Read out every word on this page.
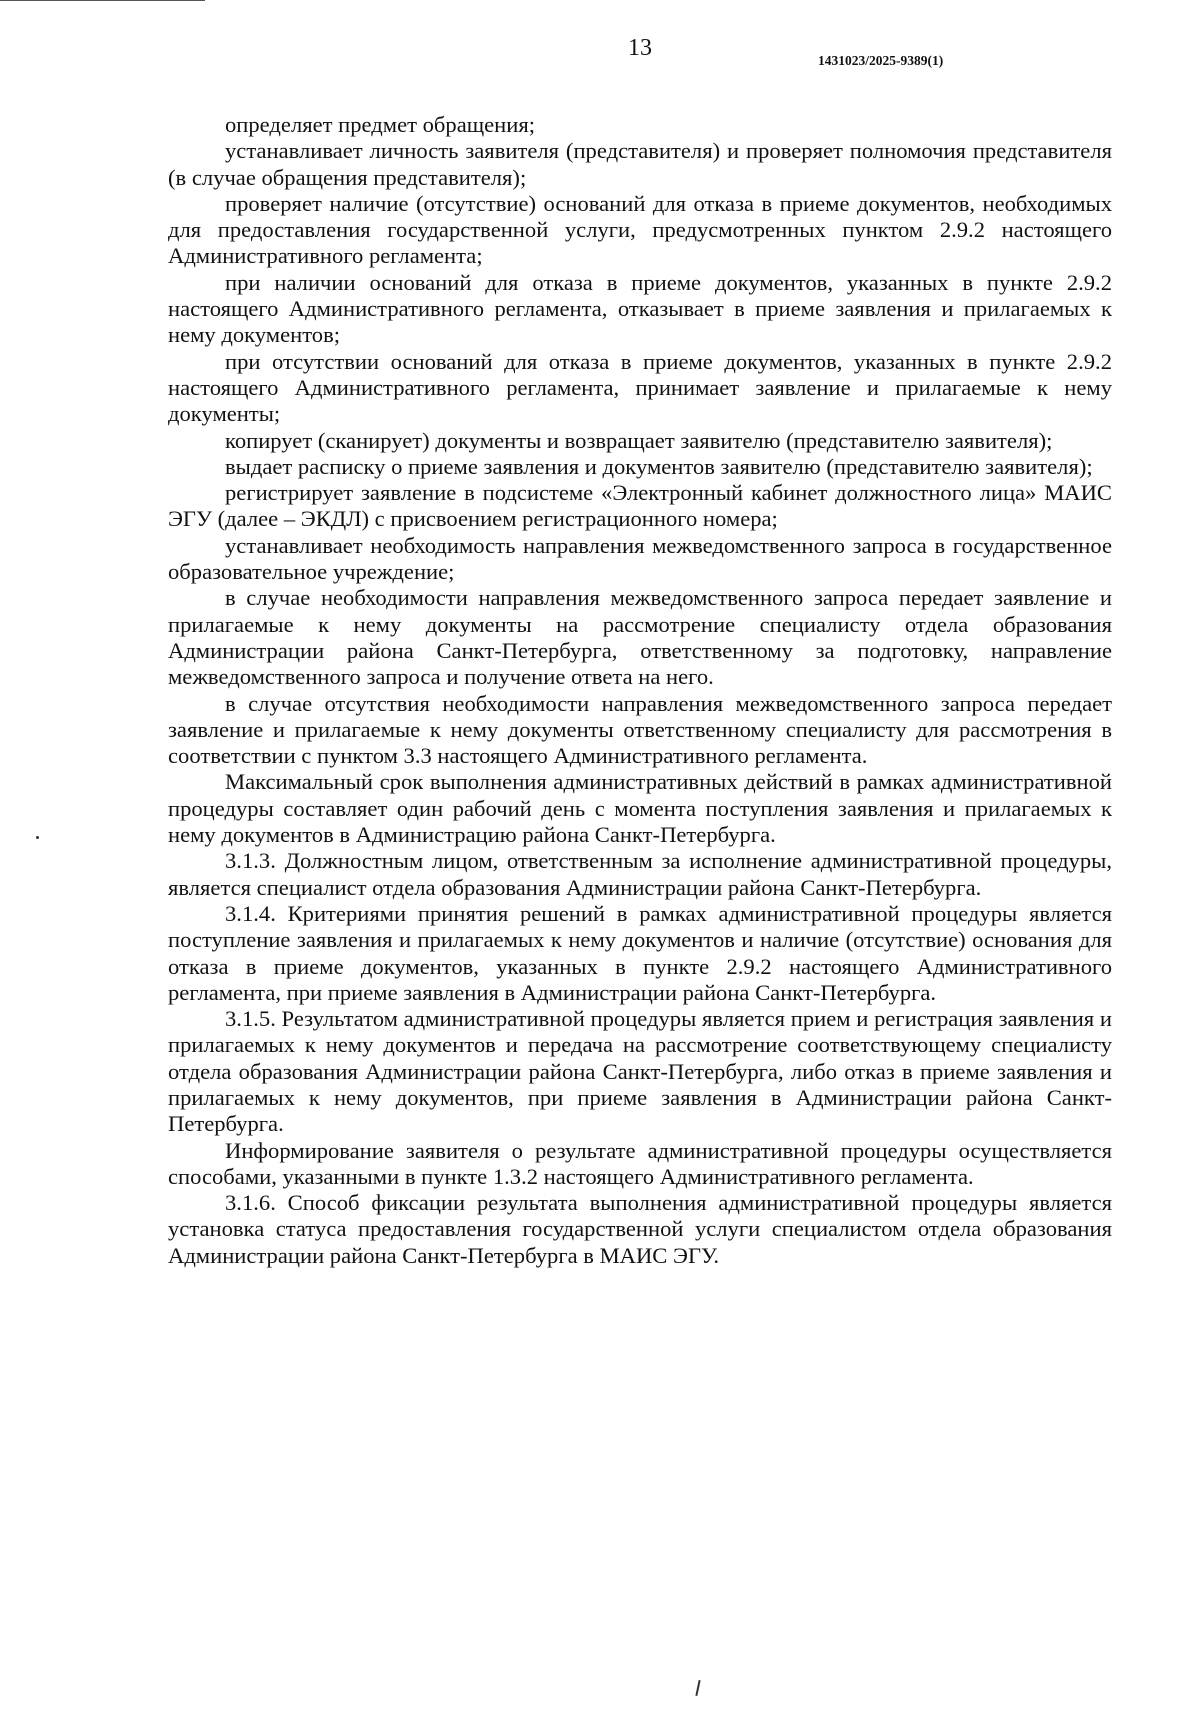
13	1431023/2025-9389(1)

определяет предмет обращения;

устанавливает личность заявителя (представителя) и проверяет полномочия представителя (в случае обращения представителя);

проверяет наличие (отсутствие) оснований для отказа в приеме документов, необходимых для предоставления государственной услуги, предусмотренных пунктом 2.9.2 настоящего Административного регламента;

при наличии оснований для отказа в приеме документов, указанных в пункте 2.9.2 настоящего Административного регламента, отказывает в приеме заявления и прилагаемых к нему документов;

при отсутствии оснований для отказа в приеме документов, указанных в пункте 2.9.2 настоящего Административного регламента, принимает заявление и прилагаемые к нему документы;

копирует (сканирует) документы и возвращает заявителю (представителю заявителя);

выдает расписку о приеме заявления и документов заявителю (представителю заявителя);

регистрирует заявление в подсистеме «Электронный кабинет должностного лица» МАИС ЭГУ (далее – ЭКДЛ) с присвоением регистрационного номера;

устанавливает необходимость направления межведомственного запроса в государственное образовательное учреждение;

в случае необходимости направления межведомственного запроса передает заявление и прилагаемые к нему документы на рассмотрение специалисту отдела образования Администрации района Санкт-Петербурга, ответственному за подготовку, направление межведомственного запроса и получение ответа на него.

в случае отсутствия необходимости направления межведомственного запроса передает заявление и прилагаемые к нему документы ответственному специалисту для рассмотрения в соответствии с пунктом 3.3 настоящего Административного регламента.

Максимальный срок выполнения административных действий в рамках административной процедуры составляет один рабочий день с момента поступления заявления и прилагаемых к нему документов в Администрацию района Санкт-Петербурга.

3.1.3. Должностным лицом, ответственным за исполнение административной процедуры, является специалист отдела образования Администрации района Санкт-Петербурга.

3.1.4. Критериями принятия решений в рамках административной процедуры является поступление заявления и прилагаемых к нему документов и наличие (отсутствие) основания для отказа в приеме документов, указанных в пункте 2.9.2 настоящего Административного регламента, при приеме заявления в Администрации района Санкт-Петербурга.

3.1.5. Результатом административной процедуры является прием и регистрация заявления и прилагаемых к нему документов и передача на рассмотрение соответствующему специалисту отдела образования Администрации района Санкт-Петербурга, либо отказ в приеме заявления и прилагаемых к нему документов, при приеме заявления в Администрации района Санкт-Петербурга.

Информирование заявителя о результате административной процедуры осуществляется способами, указанными в пункте 1.3.2 настоящего Административного регламента.

3.1.6. Способ фиксации результата выполнения административной процедуры является установка статуса предоставления государственной услуги специалистом отдела образования Администрации района Санкт-Петербурга в МАИС ЭГУ.
